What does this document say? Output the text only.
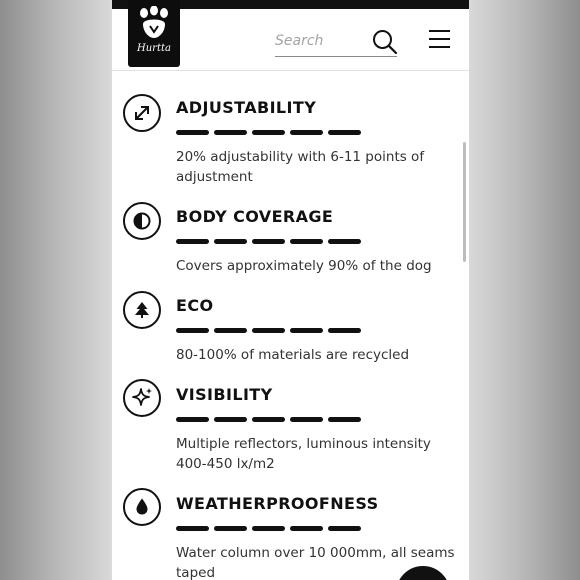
Hurtta
Search
ADJUSTABILITY
20% adjustability with 6-11 points of adjustment
BODY COVERAGE
Covers approximately 90% of the dog
ECO
80-100% of materials are recycled
VISIBILITY
Multiple reflectors, luminous intensity 400-450 lx/m2
WEATHERPROOFNESS
Water column over 10 000mm, all seams taped
